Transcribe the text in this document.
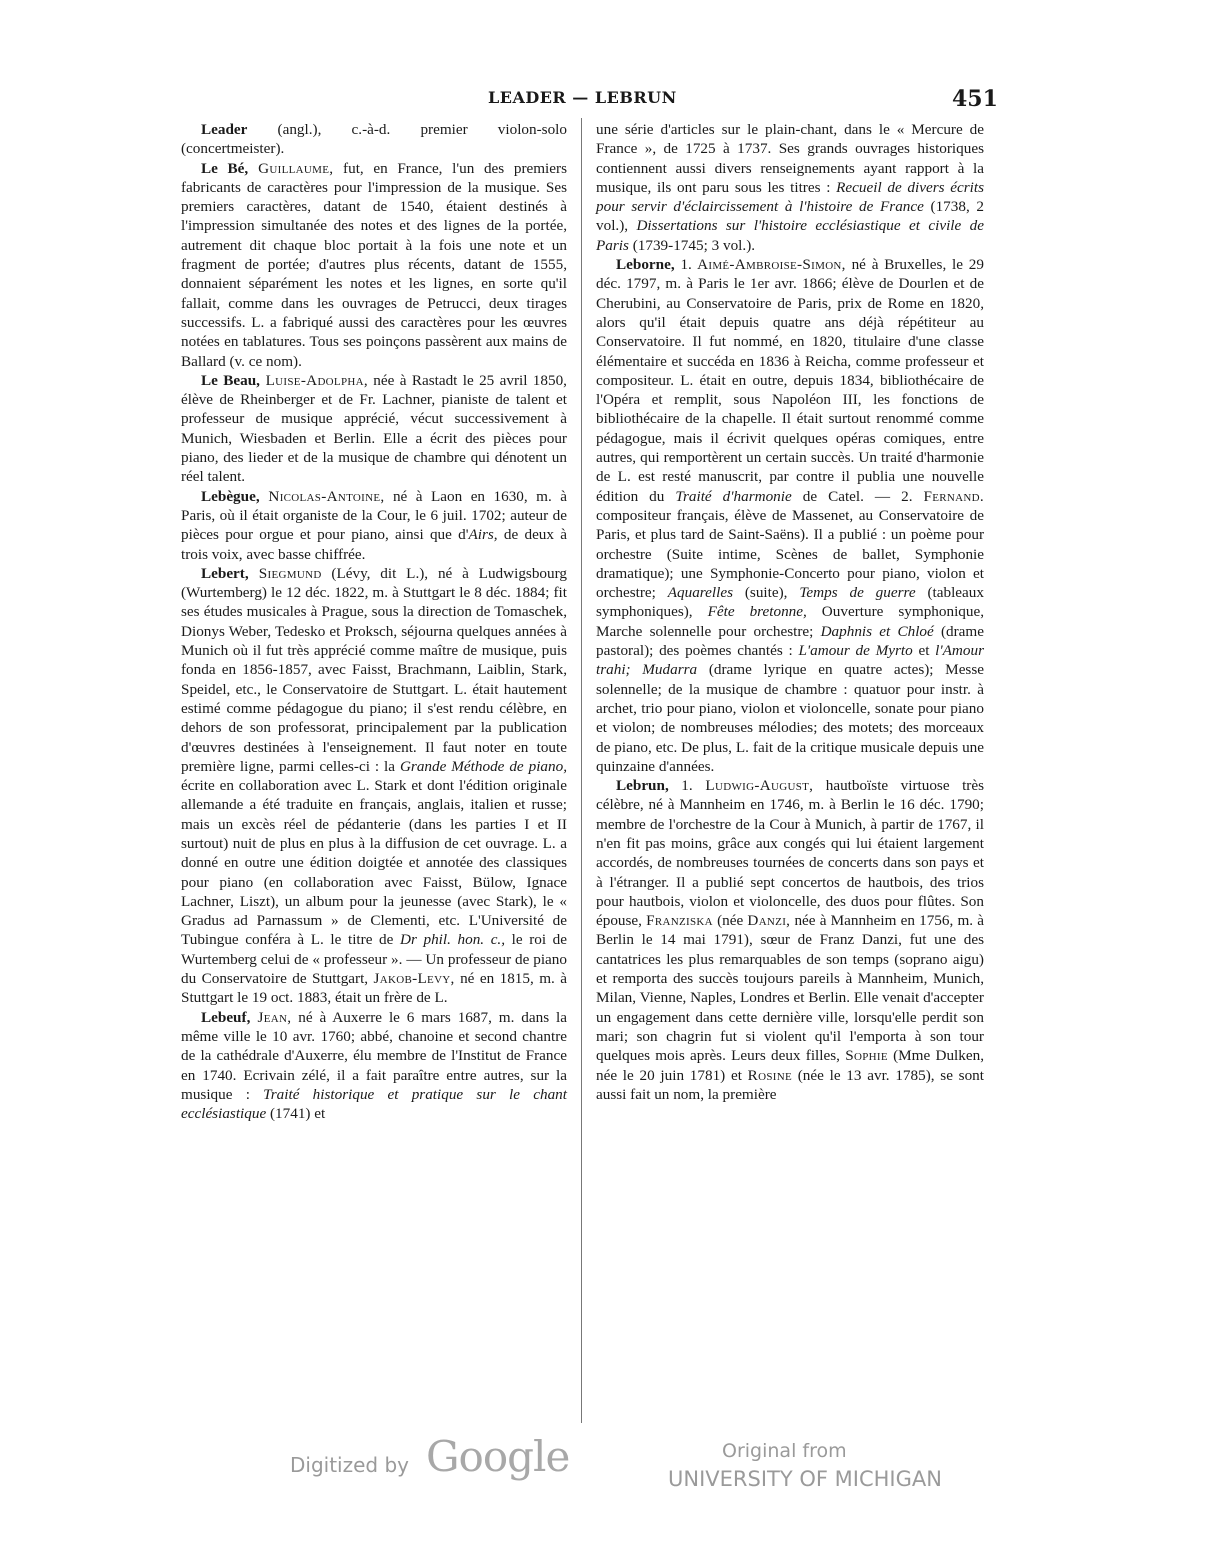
LEADER — LEBRUN	451

Leader (angl.), c.-à-d. premier violon-solo (concertmeister).

Le Bé, Guillaume, fut, en France, l'un des premiers fabricants de caractères pour l'impression de la musique. Ses premiers caractères, datant de 1540, étaient destinés à l'impression simultanée des notes et des lignes de la portée, autrement dit chaque bloc portait à la fois une note et un fragment de portée; d'autres plus récents, datant de 1555, donnaient séparément les notes et les lignes, en sorte qu'il fallait, comme dans les ouvrages de Petrucci, deux tirages successifs. L. a fabriqué aussi des caractères pour les œuvres notées en tablatures. Tous ses poinçons passèrent aux mains de Ballard (v. ce nom).

Le Beau, Luise-Adolpha, née à Rastadt le 25 avril 1850, élève de Rheinberger et de Fr. Lachner, pianiste de talent et professeur de musique apprécié, vécut successivement à Munich, Wiesbaden et Berlin. Elle a écrit des pièces pour piano, des lieder et de la musique de chambre qui dénotent un réel talent.

Lebègue, Nicolas-Antoine, né à Laon en 1630, m. à Paris, où il était organiste de la Cour, le 6 juil. 1702; auteur de pièces pour orgue et pour piano, ainsi que d'Airs, de deux à trois voix, avec basse chiffrée.

Lebert, Siegmund (Lévy, dit L.), né à Ludwigsbourg (Wurtemberg) le 12 déc. 1822, m. à Stuttgart le 8 déc. 1884; fit ses études musicales à Prague, sous la direction de Tomaschek, Dionys Weber, Tedesko et Proksch, séjourna quelques années à Munich où il fut très apprécié comme maître de musique, puis fonda en 1856-1857, avec Faisst, Brachmann, Laiblin, Stark, Speidel, etc., le Conservatoire de Stuttgart. L. était hautement estimé comme pédagogue du piano; il s'est rendu célèbre, en dehors de son professorat, principalement par la publication d'œuvres destinées à l'enseignement. Il faut noter en toute première ligne, parmi celles-ci : la Grande Méthode de piano, écrite en collaboration avec L. Stark et dont l'édition originale allemande a été traduite en français, anglais, italien et russe; mais un excès réel de pédanterie (dans les parties I et II surtout) nuit de plus en plus à la diffusion de cet ouvrage. L. a donné en outre une édition doigtée et annotée des classiques pour piano (en collaboration avec Faisst, Bülow, Ignace Lachner, Liszt), un album pour la jeunesse (avec Stark), le « Gradus ad Parnassum » de Clementi, etc. L'Université de Tubingue conféra à L. le titre de Dr phil. hon. c., le roi de Wurtemberg celui de « professeur ». — Un professeur de piano du Conservatoire de Stuttgart, Jakob-Levy, né en 1815, m. à Stuttgart le 19 oct. 1883, était un frère de L.

Lebeuf, Jean, né à Auxerre le 6 mars 1687, m. dans la même ville le 10 avr. 1760; abbé, chanoine et second chantre de la cathédrale d'Auxerre, élu membre de l'Institut de France en 1740. Ecrivain zélé, il a fait paraître entre autres, sur la musique : Traité historique et pratique sur le chant ecclésiastique (1741) et

une série d'articles sur le plain-chant, dans le « Mercure de France », de 1725 à 1737. Ses grands ouvrages historiques contiennent aussi divers renseignements ayant rapport à la musique, ils ont paru sous les titres : Recueil de divers écrits pour servir d'éclaircissement à l'histoire de France (1738, 2 vol.), Dissertations sur l'histoire ecclésiastique et civile de Paris (1739-1745; 3 vol.).

Leborne, 1. Aimé-Ambroise-Simon, né à Bruxelles, le 29 déc. 1797, m. à Paris le 1er avr. 1866; élève de Dourlen et de Cherubini, au Conservatoire de Paris, prix de Rome en 1820, alors qu'il était depuis quatre ans déjà répétiteur au Conservatoire. Il fut nommé, en 1820, titulaire d'une classe élémentaire et succéda en 1836 à Reicha, comme professeur et compositeur. L. était en outre, depuis 1834, bibliothécaire de l'Opéra et remplit, sous Napoléon III, les fonctions de bibliothécaire de la chapelle. Il était surtout renommé comme pédagogue, mais il écrivit quelques opéras comiques, entre autres, qui remportèrent un certain succès. Un traité d'harmonie de L. est resté manuscrit, par contre il publia une nouvelle édition du Traité d'harmonie de Catel. — 2. Fernand. compositeur français, élève de Massenet, au Conservatoire de Paris, et plus tard de Saint-Saëns). Il a publié : un poème pour orchestre (Suite intime, Scènes de ballet, Symphonie dramatique); une Symphonie-Concerto pour piano, violon et orchestre; Aquarelles (suite), Temps de guerre (tableaux symphoniques), Fête bretonne, Ouverture symphonique, Marche solennelle pour orchestre; Daphnis et Chloé (drame pastoral); des poèmes chantés : L'amour de Myrto et l'Amour trahi; Mudarra (drame lyrique en quatre actes); Messe solennelle; de la musique de chambre : quatuor pour instr. à archet, trio pour piano, violon et violoncelle, sonate pour piano et violon; de nombreuses mélodies; des motets; des morceaux de piano, etc. De plus, L. fait de la critique musicale depuis une quinzaine d'années.

Lebrun, 1. Ludwig-August, hautboïste virtuose très célèbre, né à Mannheim en 1746, m. à Berlin le 16 déc. 1790; membre de l'orchestre de la Cour à Munich, à partir de 1767, il n'en fit pas moins, grâce aux congés qui lui étaient largement accordés, de nombreuses tournées de concerts dans son pays et à l'étranger. Il a publié sept concertos de hautbois, des trios pour hautbois, violon et violoncelle, des duos pour flûtes. Son épouse, Franziska (née Danzi, née à Mannheim en 1756, m. à Berlin le 14 mai 1791), sœur de Franz Danzi, fut une des cantatrices les plus remarquables de son temps (soprano aigu) et remporta des succès toujours pareils à Mannheim, Munich, Milan, Vienne, Naples, Londres et Berlin. Elle venait d'accepter un engagement dans cette dernière ville, lorsqu'elle perdit son mari; son chagrin fut si violent qu'il l'emporta à son tour quelques mois après. Leurs deux filles, Sophie (Mme Dulken, née le 20 juin 1781) et Rosine (née le 13 avr. 1785), se sont aussi fait un nom, la première

Digitized by Google	Original from
UNIVERSITY OF MICHIGAN
